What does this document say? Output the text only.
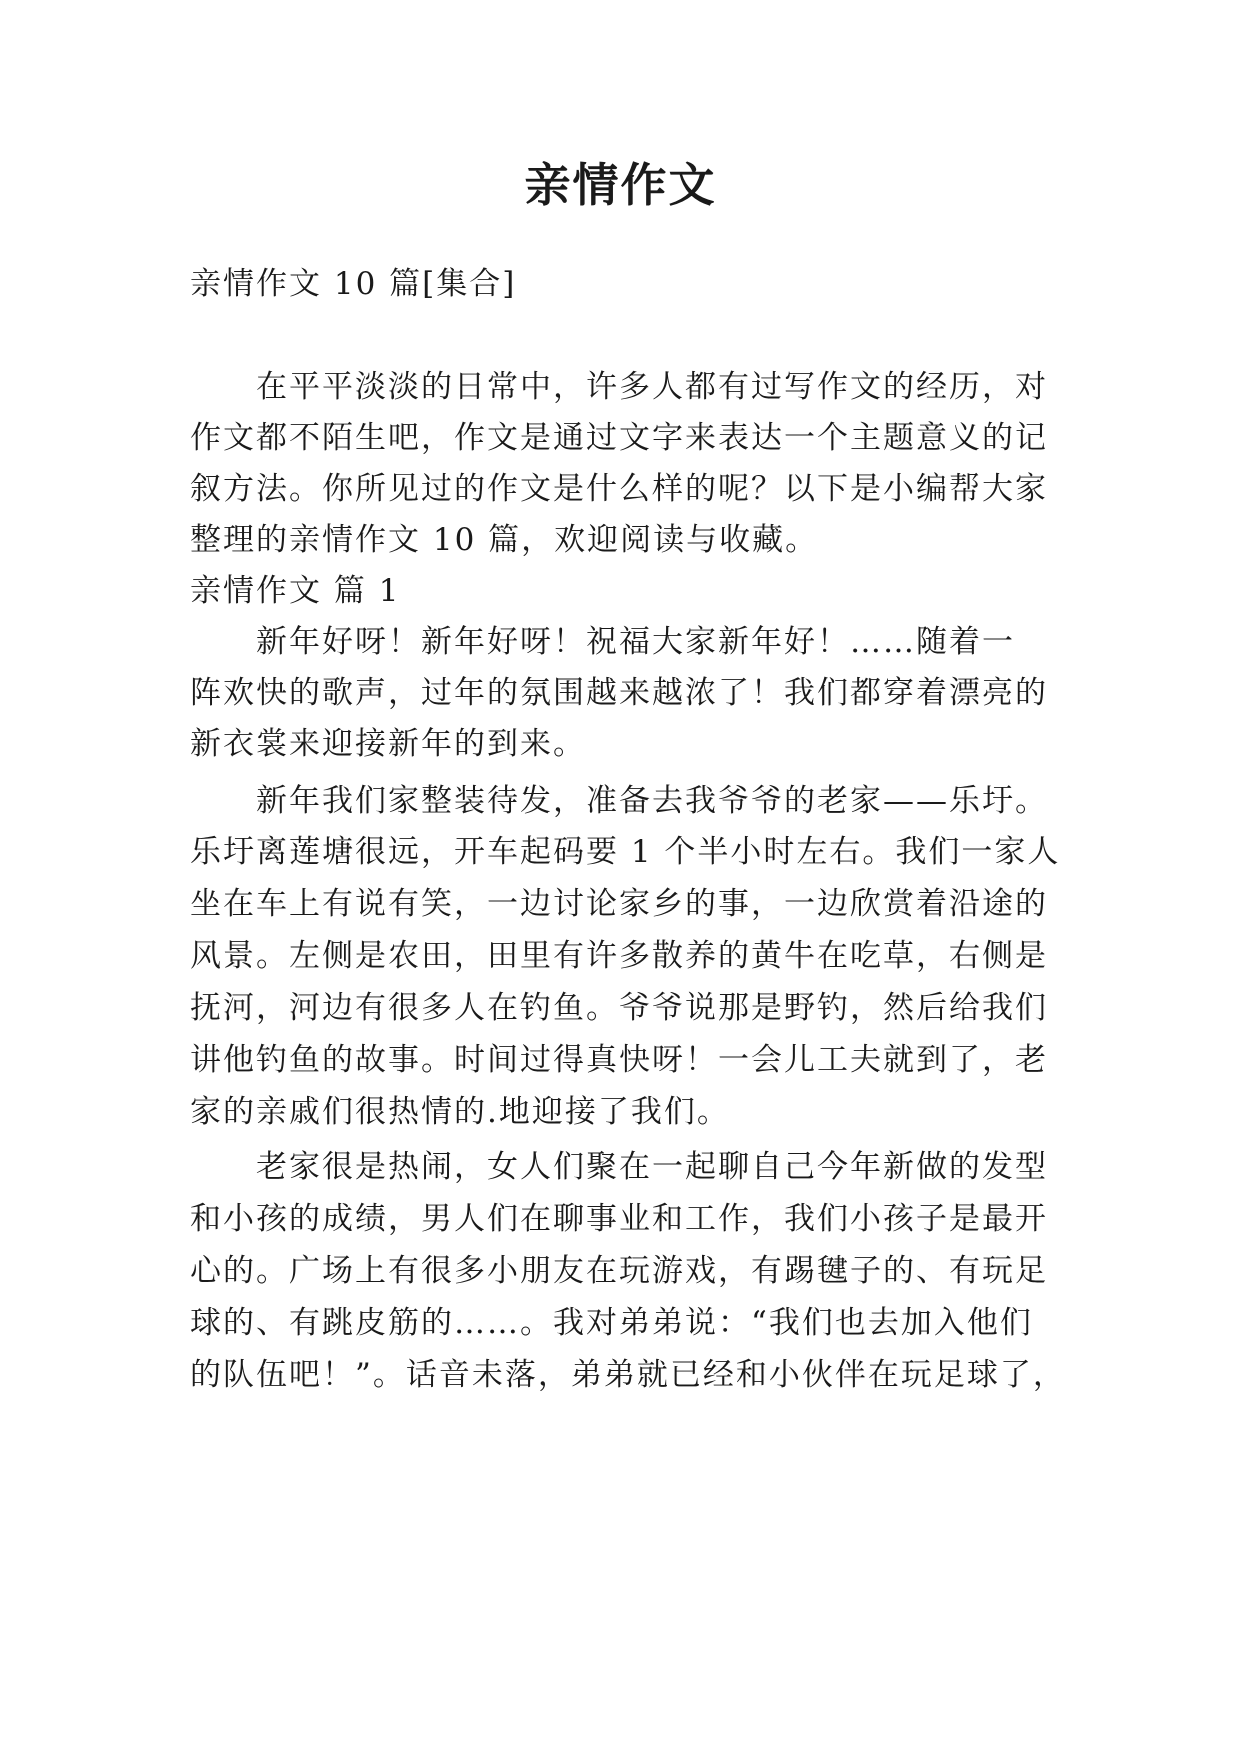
亲情作文
亲情作文 10 篇[集合]
在平平淡淡的日常中，许多人都有过写作文的经历，对
作文都不陌生吧，作文是通过文字来表达一个主题意义的记
叙方法。你所见过的作文是什么样的呢？以下是小编帮大家
整理的亲情作文 10 篇，欢迎阅读与收藏。
亲情作文 篇 1
新年好呀！新年好呀！祝福大家新年好！……随着一
阵欢快的歌声，过年的氛围越来越浓了！我们都穿着漂亮的
新衣裳来迎接新年的到来。
新年我们家整装待发，准备去我爷爷的老家——乐圩。
乐圩离莲塘很远，开车起码要 1 个半小时左右。我们一家人
坐在车上有说有笑，一边讨论家乡的事，一边欣赏着沿途的
风景。左侧是农田，田里有许多散养的黄牛在吃草，右侧是
抚河，河边有很多人在钓鱼。爷爷说那是野钓，然后给我们
讲他钓鱼的故事。时间过得真快呀！一会儿工夫就到了，老
家的亲戚们很热情的.地迎接了我们。
老家很是热闹，女人们聚在一起聊自己今年新做的发型
和小孩的成绩，男人们在聊事业和工作，我们小孩子是最开
心的。广场上有很多小朋友在玩游戏，有踢毽子的、有玩足
球的、有跳皮筋的……。我对弟弟说：“我们也去加入他们
的队伍吧！”。话音未落，弟弟就已经和小伙伴在玩足球了，
